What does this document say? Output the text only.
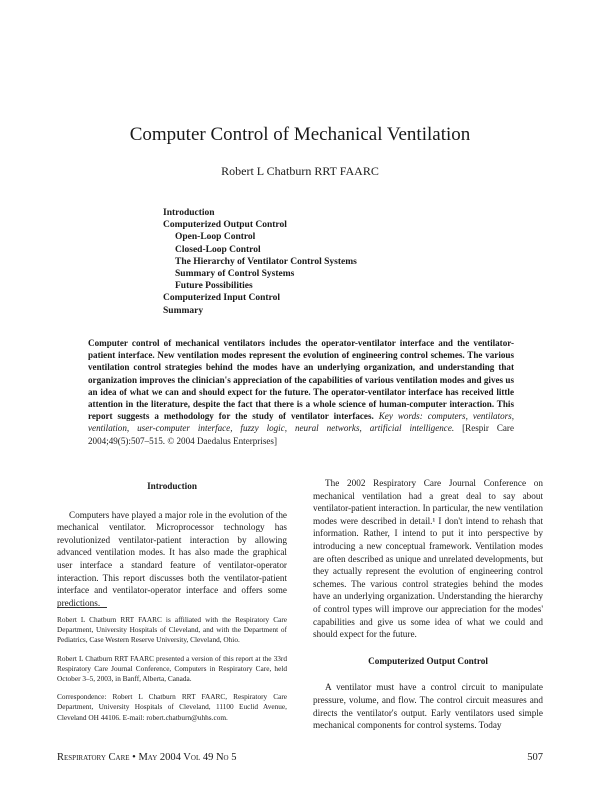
Computer Control of Mechanical Ventilation
Robert L Chatburn RRT FAARC
Introduction
Computerized Output Control
Open-Loop Control
Closed-Loop Control
The Hierarchy of Ventilator Control Systems
Summary of Control Systems
Future Possibilities
Computerized Input Control
Summary
Computer control of mechanical ventilators includes the operator-ventilator interface and the ventilator-patient interface. New ventilation modes represent the evolution of engineering control schemes. The various ventilation control strategies behind the modes have an underlying organization, and understanding that organization improves the clinician's appreciation of the capabilities of various ventilation modes and gives us an idea of what we can and should expect for the future. The operator-ventilator interface has received little attention in the literature, despite the fact that there is a whole science of human-computer interaction. This report suggests a methodology for the study of ventilator interfaces. Key words: computers, ventilators, ventilation, user-computer interface, fuzzy logic, neural networks, artificial intelligence. [Respir Care 2004;49(5):507–515. © 2004 Daedalus Enterprises]

Introduction

Computers have played a major role in the evolution of the mechanical ventilator. Microprocessor technology has revolutionized ventilator-patient interaction by allowing advanced ventilation modes. It has also made the graphical user interface a standard feature of ventilator-operator interaction. This report discusses both the ventilator-patient interface and ventilator-operator interface and offers some predictions.

Robert L Chatburn RRT FAARC is affiliated with the Respiratory Care Department, University Hospitals of Cleveland, and with the Department of Pediatrics, Case Western Reserve University, Cleveland, Ohio.

Robert L Chatburn RRT FAARC presented a version of this report at the 33rd Respiratory Care Journal Conference, Computers in Respiratory Care, held October 3–5, 2003, in Banff, Alberta, Canada.

Correspondence: Robert L Chatburn RRT FAARC, Respiratory Care Department, University Hospitals of Cleveland, 11100 Euclid Avenue, Cleveland OH 44106. E-mail: robert.chatburn@uhhs.com.

The 2002 Respiratory Care Journal Conference on mechanical ventilation had a great deal to say about ventilator-patient interaction. In particular, the new ventilation modes were described in detail.¹ I don't intend to rehash that information. Rather, I intend to put it into perspective by introducing a new conceptual framework. Ventilation modes are often described as unique and unrelated developments, but they actually represent the evolution of engineering control schemes. The various control strategies behind the modes have an underlying organization. Understanding the hierarchy of control types will improve our appreciation for the modes' capabilities and give us some idea of what we could and should expect for the future.

Computerized Output Control

A ventilator must have a control circuit to manipulate pressure, volume, and flow. The control circuit measures and directs the ventilator's output. Early ventilators used simple mechanical components for control systems. Today

Respiratory Care • May 2004 Vol 49 No 5	507
